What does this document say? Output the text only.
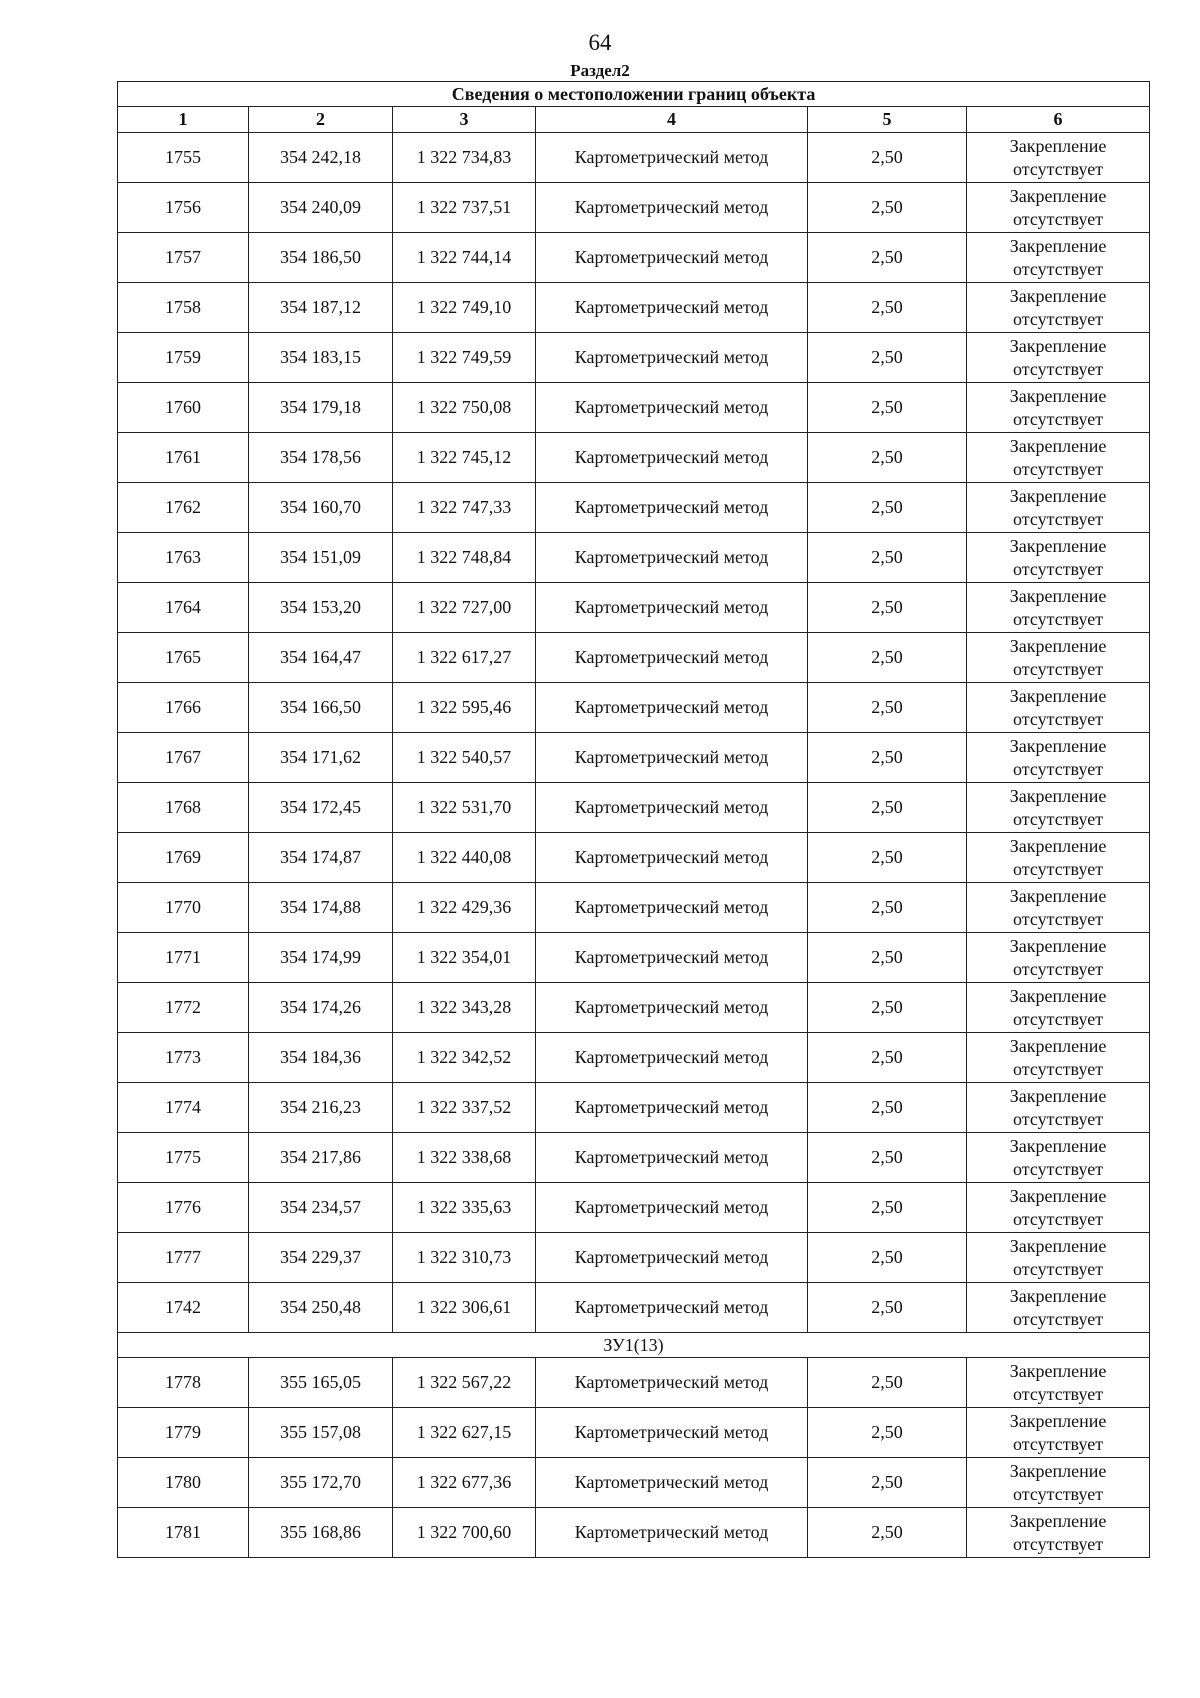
64
Раздел2
Сведения о местоположении границ объекта					
1	2	3	4	5	6
1755	354 242,18	1 322 734,83	Картометрический метод	2,50	Закрепление отсутствует
1756	354 240,09	1 322 737,51	Картометрический метод	2,50	Закрепление отсутствует
1757	354 186,50	1 322 744,14	Картометрический метод	2,50	Закрепление отсутствует
1758	354 187,12	1 322 749,10	Картометрический метод	2,50	Закрепление отсутствует
1759	354 183,15	1 322 749,59	Картометрический метод	2,50	Закрепление отсутствует
1760	354 179,18	1 322 750,08	Картометрический метод	2,50	Закрепление отсутствует
1761	354 178,56	1 322 745,12	Картометрический метод	2,50	Закрепление отсутствует
1762	354 160,70	1 322 747,33	Картометрический метод	2,50	Закрепление отсутствует
1763	354 151,09	1 322 748,84	Картометрический метод	2,50	Закрепление отсутствует
1764	354 153,20	1 322 727,00	Картометрический метод	2,50	Закрепление отсутствует
1765	354 164,47	1 322 617,27	Картометрический метод	2,50	Закрепление отсутствует
1766	354 166,50	1 322 595,46	Картометрический метод	2,50	Закрепление отсутствует
1767	354 171,62	1 322 540,57	Картометрический метод	2,50	Закрепление отсутствует
1768	354 172,45	1 322 531,70	Картометрический метод	2,50	Закрепление отсутствует
1769	354 174,87	1 322 440,08	Картометрический метод	2,50	Закрепление отсутствует
1770	354 174,88	1 322 429,36	Картометрический метод	2,50	Закрепление отсутствует
1771	354 174,99	1 322 354,01	Картометрический метод	2,50	Закрепление отсутствует
1772	354 174,26	1 322 343,28	Картометрический метод	2,50	Закрепление отсутствует
1773	354 184,36	1 322 342,52	Картометрический метод	2,50	Закрепление отсутствует
1774	354 216,23	1 322 337,52	Картометрический метод	2,50	Закрепление отсутствует
1775	354 217,86	1 322 338,68	Картометрический метод	2,50	Закрепление отсутствует
1776	354 234,57	1 322 335,63	Картометрический метод	2,50	Закрепление отсутствует
1777	354 229,37	1 322 310,73	Картометрический метод	2,50	Закрепление отсутствует
1742	354 250,48	1 322 306,61	Картометрический метод	2,50	Закрепление отсутствует
ЗУ1(13)					
1778	355 165,05	1 322 567,22	Картометрический метод	2,50	Закрепление отсутствует
1779	355 157,08	1 322 627,15	Картометрический метод	2,50	Закрепление отсутствует
1780	355 172,70	1 322 677,36	Картометрический метод	2,50	Закрепление отсутствует
1781	355 168,86	1 322 700,60	Картометрический метод	2,50	Закрепление отсутствует
